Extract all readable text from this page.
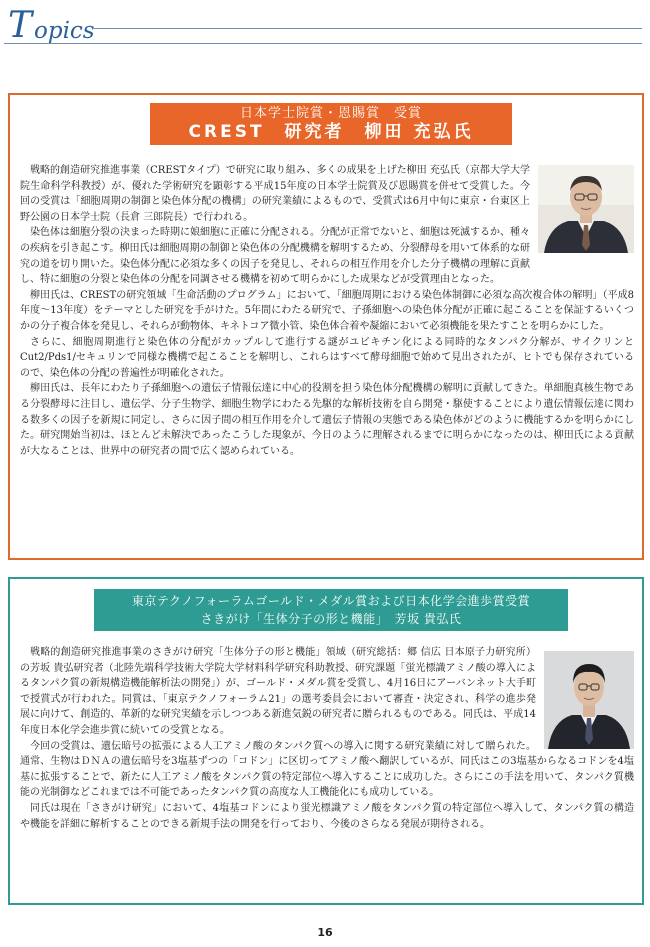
T opics
日本学士院賞・恩賜賞　受賞
CREST　研究者　柳田 充弘氏

戦略的創造研究推進事業（CRESTタイプ）で研究に取り組み、多くの成果を上げた柳田 充弘氏（京都大学大学院生命科学科教授）が、優れた学術研究を顕彰する平成15年度の日本学士院賞及び恩賜賞を併せて受賞した。今回の受賞は「細胞周期の制御と染色体分配の機構」の研究業績によるもので、受賞式は6月中旬に東京・台東区上野公園の日本学士院（長倉 三郎院長）で行われる。

染色体は細胞分裂の決まった時期に娘細胞に正確に分配される。分配が正常でないと、細胞は死滅するか、種々の疾病を引き起こす。柳田氏は細胞周期の制御と染色体の分配機構を解明するため、分裂酵母を用いて体系的な研究の道を切り開いた。染色体分配に必須な多くの因子を発見し、それらの相互作用を介した分子機構の理解に貢献し、特に細胞の分裂と染色体の分配を同調させる機構を初めて明らかにした成果などが受賞理由となった。

柳田氏は、CRESTの研究領域「生命活動のプログラム」において、「細胞周期における染色体制御に必須な高次複合体の解明」（平成8年度〜13年度）をテーマとした研究を手がけた。5年間にわたる研究で、子孫細胞への染色体分配が正確に起こることを保証するいくつかの分子複合体を発見し、それらが動物体、キネトコア微小管、染色体合着や凝縮において必須機能を果たすことを明らかにした。

さらに、細胞周期進行と染色体の分配がカップルして進行する謎がユビキチン化による同時的なタンパク分解が、サイクリンとCut2/Pds1/セキュリンで同様な機構で起こることを解明し、これらはすべて酵母細胞で始めて見出されたが、ヒトでも保存されているので、染色体の分配の普遍性が明確化された。

柳田氏は、長年にわたり子孫細胞への遺伝子情報伝達に中心的役割を担う染色体分配機構の解明に貢献してきた。単細胞真核生物である分裂酵母に注目し、遺伝学、分子生物学、細胞生物学にわたる先駆的な解析技術を自ら開発・駆使することにより遺伝情報伝達に関わる数多くの因子を新規に同定し、さらに因子間の相互作用を介して遺伝子情報の実態である染色体がどのように機能するかを明らかにした。研究開始当初は、ほとんど未解決であったこうした現象が、今日のように理解されるまでに明らかになったのは、柳田氏による貢献が大なることは、世界中の研究者の間で広く認められている。

東京テクノフォーラムゴールド・メダル賞および日本化学会進歩賞受賞
さきがけ「生体分子の形と機能」　芳坂 貴弘氏

戦略的創造研究推進事業のさきがけ研究「生体分子の形と機能」領域（研究総括：郷 信広 日本原子力研究所）の芳坂 貴弘研究者（北陸先端科学技術大学院大学材料科学研究科助教授、研究課題「蛍光標識アミノ酸の導入によるタンパク質の新規構造機能解析法の開発」）が、ゴールド・メダル賞を受賞し、4月16日にアーバンネット大手町で授賞式が行われた。同賞は、「東京テクノフォーラム21」の選考委員会において審査・決定され、科学の進歩発展に向けて、創造的、革新的な研究実績を示しつつある新進気鋭の研究者に贈られるものである。同氏は、平成14年度日本化学会進歩賞に続いての受賞となる。

今回の受賞は、遺伝暗号の拡張による人工アミノ酸のタンパク質への導入に関する研究業績に対して贈られた。通常、生物はＤＮＡの遺伝暗号を3塩基ずつの「コドン」に区切ってアミノ酸へ翻訳しているが、同氏はこの3塩基からなるコドンを4塩基に拡張することで、新たに人工アミノ酸をタンパク質の特定部位へ導入することに成功した。さらにこの手法を用いて、タンパク質機能の光制御などこれまでは不可能であったタンパク質の高度な人工機能化にも成功している。

同氏は現在「さきがけ研究」において、4塩基コドンにより蛍光標識アミノ酸をタンパク質の特定部位へ導入して、タンパク質の構造や機能を詳細に解析することのできる新規手法の開発を行っており、今後のさらなる発展が期待される。

16
